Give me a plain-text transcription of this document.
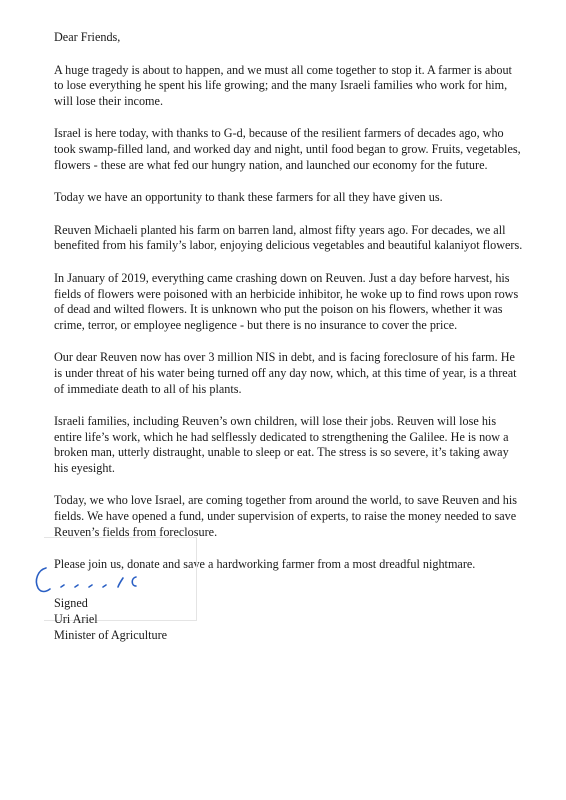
Dear Friends,

A huge tragedy is about to happen, and we must all come together to stop it. A farmer is about to lose everything he spent his life growing; and the many Israeli families who work for him, will lose their income.

Israel is here today, with thanks to G-d, because of the resilient farmers of decades ago, who took swamp-filled land, and worked day and night, until food began to grow. Fruits, vegetables, flowers - these are what fed our hungry nation, and launched our economy for the future.

Today we have an opportunity to thank these farmers for all they have given us.

Reuven Michaeli planted his farm on barren land, almost fifty years ago. For decades, we all benefited from his family’s labor, enjoying delicious vegetables and beautiful kalaniyot flowers.

In January of 2019, everything came crashing down on Reuven. Just a day before harvest, his fields of flowers were poisoned with an herbicide inhibitor, he woke up to find rows upon rows of dead and wilted flowers. It is unknown who put the poison on his flowers, whether it was crime, terror, or employee negligence - but there is no insurance to cover the price.

Our dear Reuven now has over 3 million NIS in debt, and is facing foreclosure of his farm. He is under threat of his water being turned off any day now, which, at this time of year, is a threat of immediate death to all of his plants.

Israeli families, including Reuven’s own children, will lose their jobs. Reuven will lose his entire life’s work, which he had selflessly dedicated to strengthening the Galilee. He is now a broken man, utterly distraught, unable to sleep or eat. The stress is so severe, it’s taking away his eyesight.

Today, we who love Israel, are coming together from around the world, to save Reuven and his fields. We have opened a fund, under supervision of experts, to raise the money needed to save Reuven’s fields from foreclosure.

Please join us, donate and save a hardworking farmer from a most dreadful nightmare.

Signed
Uri Ariel
Minister of Agriculture
